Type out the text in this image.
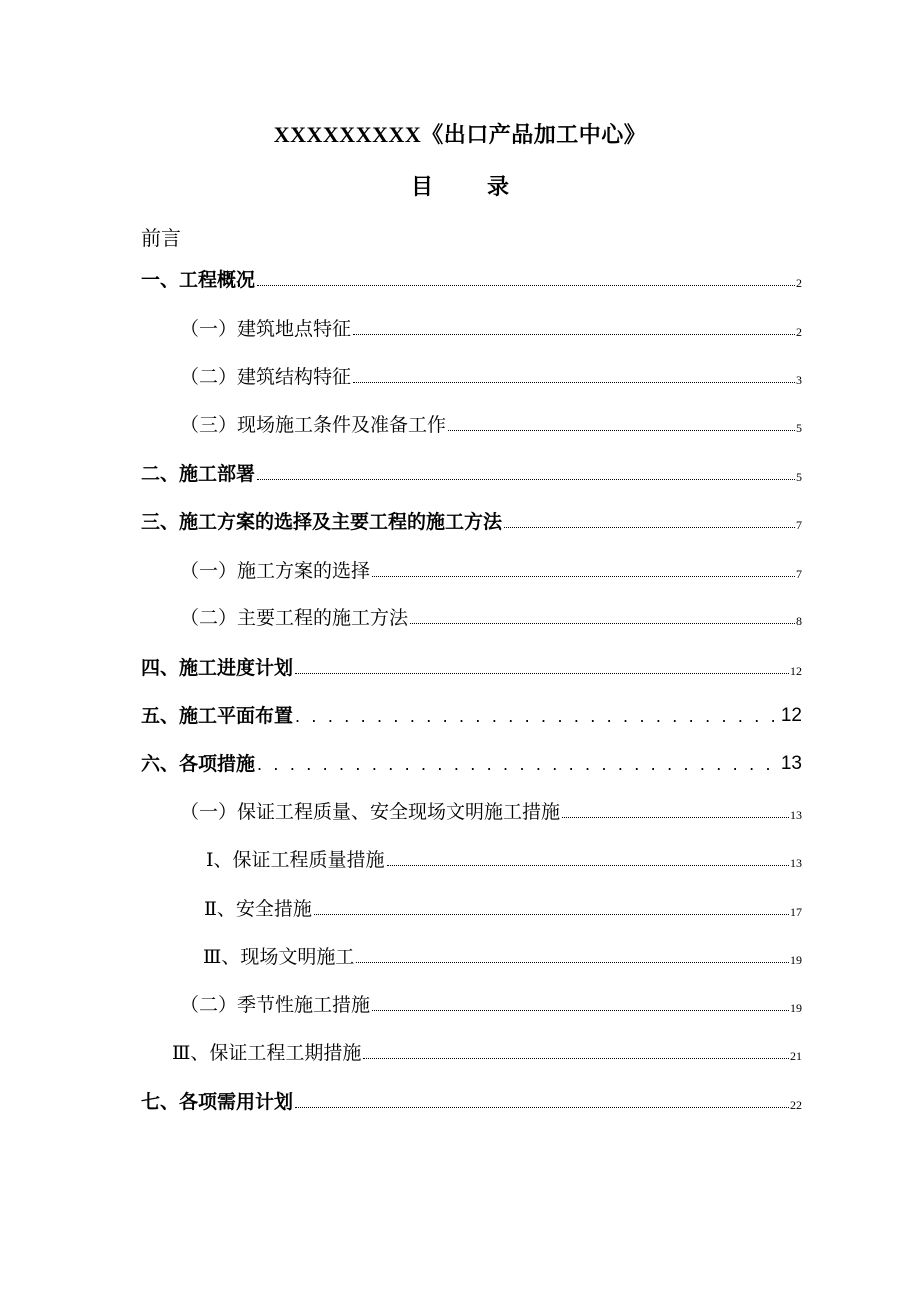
XXXXXXXXX《出口产品加工中心》
目 录
前言
一、工程概况	2
（一）建筑地点特征	2
（二）建筑结构特征	3
（三）现场施工条件及准备工作	5
二、施工部署	5
三、施工方案的选择及主要工程的施工方法	7
（一）施工方案的选择	7
（二）主要工程的施工方法	8
四、施工进度计划	12
五、施工平面布置 . . .	12
六、各项措施 . . .	13
（一）保证工程质量、安全现场文明施工措施	13
Ⅰ、保证工程质量措施	13
Ⅱ、安全措施	17
Ⅲ、现场文明施工	19
（二）季节性施工措施	19
Ⅲ、保证工程工期措施	21
七、各项需用计划	22
